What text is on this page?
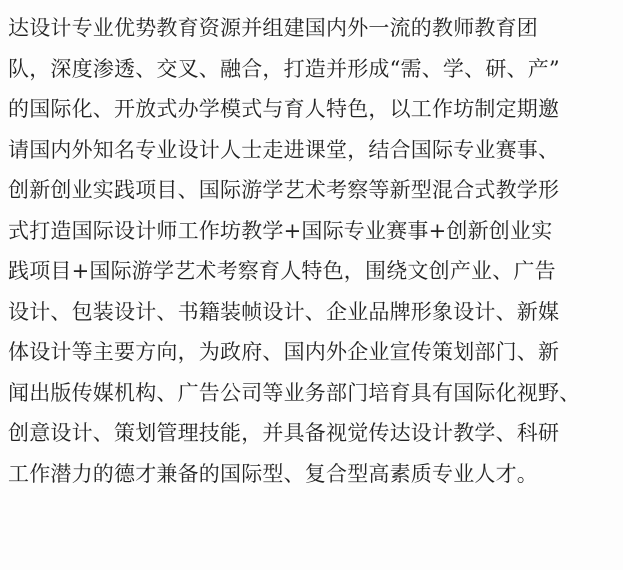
达设计专业优势教育资源并组建国内外一流的教师教育团
队，深度渗透、交叉、融合，打造并形成“需、学、研、产”
的国际化、开放式办学模式与育人特色，以工作坊制定期邀
请国内外知名专业设计人士走进课堂，结合国际专业赛事、
创新创业实践项目、国际游学艺术考察等新型混合式教学形
式打造国际设计师工作坊教学+国际专业赛事+创新创业实
践项目+国际游学艺术考察育人特色，围绕文创产业、广告
设计、包装设计、书籍装帧设计、企业品牌形象设计、新媒
体设计等主要方向，为政府、国内外企业宣传策划部门、新
闻出版传媒机构、广告公司等业务部门培育具有国际化视野、
创意设计、策划管理技能，并具备视觉传达设计教学、科研
工作潜力的德才兼备的国际型、复合型高素质专业人才。
